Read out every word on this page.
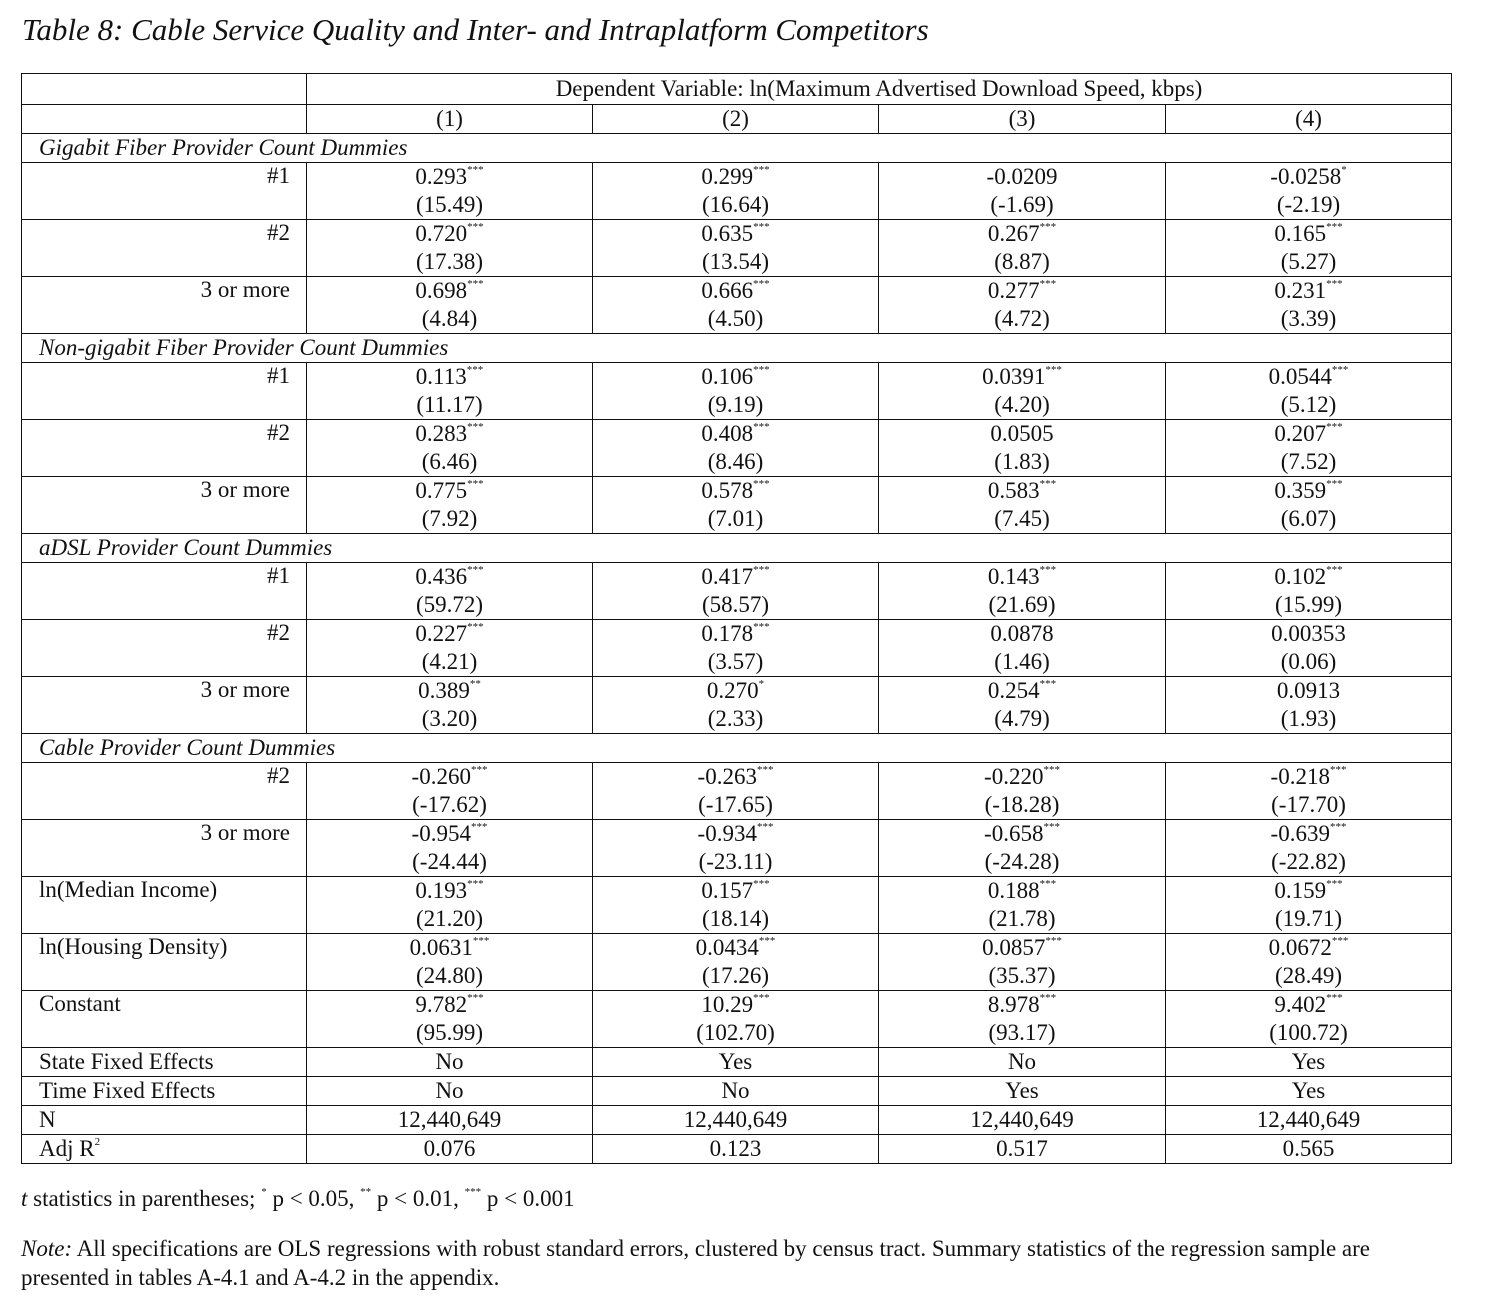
Table 8: Cable Service Quality and Inter- and Intraplatform Competitors
	Dependent Variable: ln(Maximum Advertised Download Speed, kbps)			
	(1)	(2)	(3)	(4)
Gigabit Fiber Provider Count Dummies				
#1	0.293***	0.299***	-0.0209	-0.0258*
	(15.49)	(16.64)	(-1.69)	(-2.19)
#2	0.720***	0.635***	0.267***	0.165***
	(17.38)	(13.54)	(8.87)	(5.27)
3 or more	0.698***	0.666***	0.277***	0.231***
	(4.84)	(4.50)	(4.72)	(3.39)
Non-gigabit Fiber Provider Count Dummies				
#1	0.113***	0.106***	0.0391***	0.0544***
	(11.17)	(9.19)	(4.20)	(5.12)
#2	0.283***	0.408***	0.0505	0.207***
	(6.46)	(8.46)	(1.83)	(7.52)
3 or more	0.775***	0.578***	0.583***	0.359***
	(7.92)	(7.01)	(7.45)	(6.07)
aDSL Provider Count Dummies				
#1	0.436***	0.417***	0.143***	0.102***
	(59.72)	(58.57)	(21.69)	(15.99)
#2	0.227***	0.178***	0.0878	0.00353
	(4.21)	(3.57)	(1.46)	(0.06)
3 or more	0.389**	0.270*	0.254***	0.0913
	(3.20)	(2.33)	(4.79)	(1.93)
Cable Provider Count Dummies				
#2	-0.260***	-0.263***	-0.220***	-0.218***
	(-17.62)	(-17.65)	(-18.28)	(-17.70)
3 or more	-0.954***	-0.934***	-0.658***	-0.639***
	(-24.44)	(-23.11)	(-24.28)	(-22.82)
ln(Median Income)	0.193***	0.157***	0.188***	0.159***
	(21.20)	(18.14)	(21.78)	(19.71)
ln(Housing Density)	0.0631***	0.0434***	0.0857***	0.0672***
	(24.80)	(17.26)	(35.37)	(28.49)
Constant	9.782***	10.29***	8.978***	9.402***
	(95.99)	(102.70)	(93.17)	(100.72)
State Fixed Effects	No	Yes	No	Yes
Time Fixed Effects	No	No	Yes	Yes
N	12,440,649	12,440,649	12,440,649	12,440,649
Adj $R^2$	0.076	0.123	0.517	0.565
t statistics in parentheses; * p < 0.05, ** p < 0.01, *** p < 0.001
Note: All specifications are OLS regressions with robust standard errors, clustered by census tract. Summary statistics of the regression sample are presented in tables A-4.1 and A-4.2 in the appendix.
